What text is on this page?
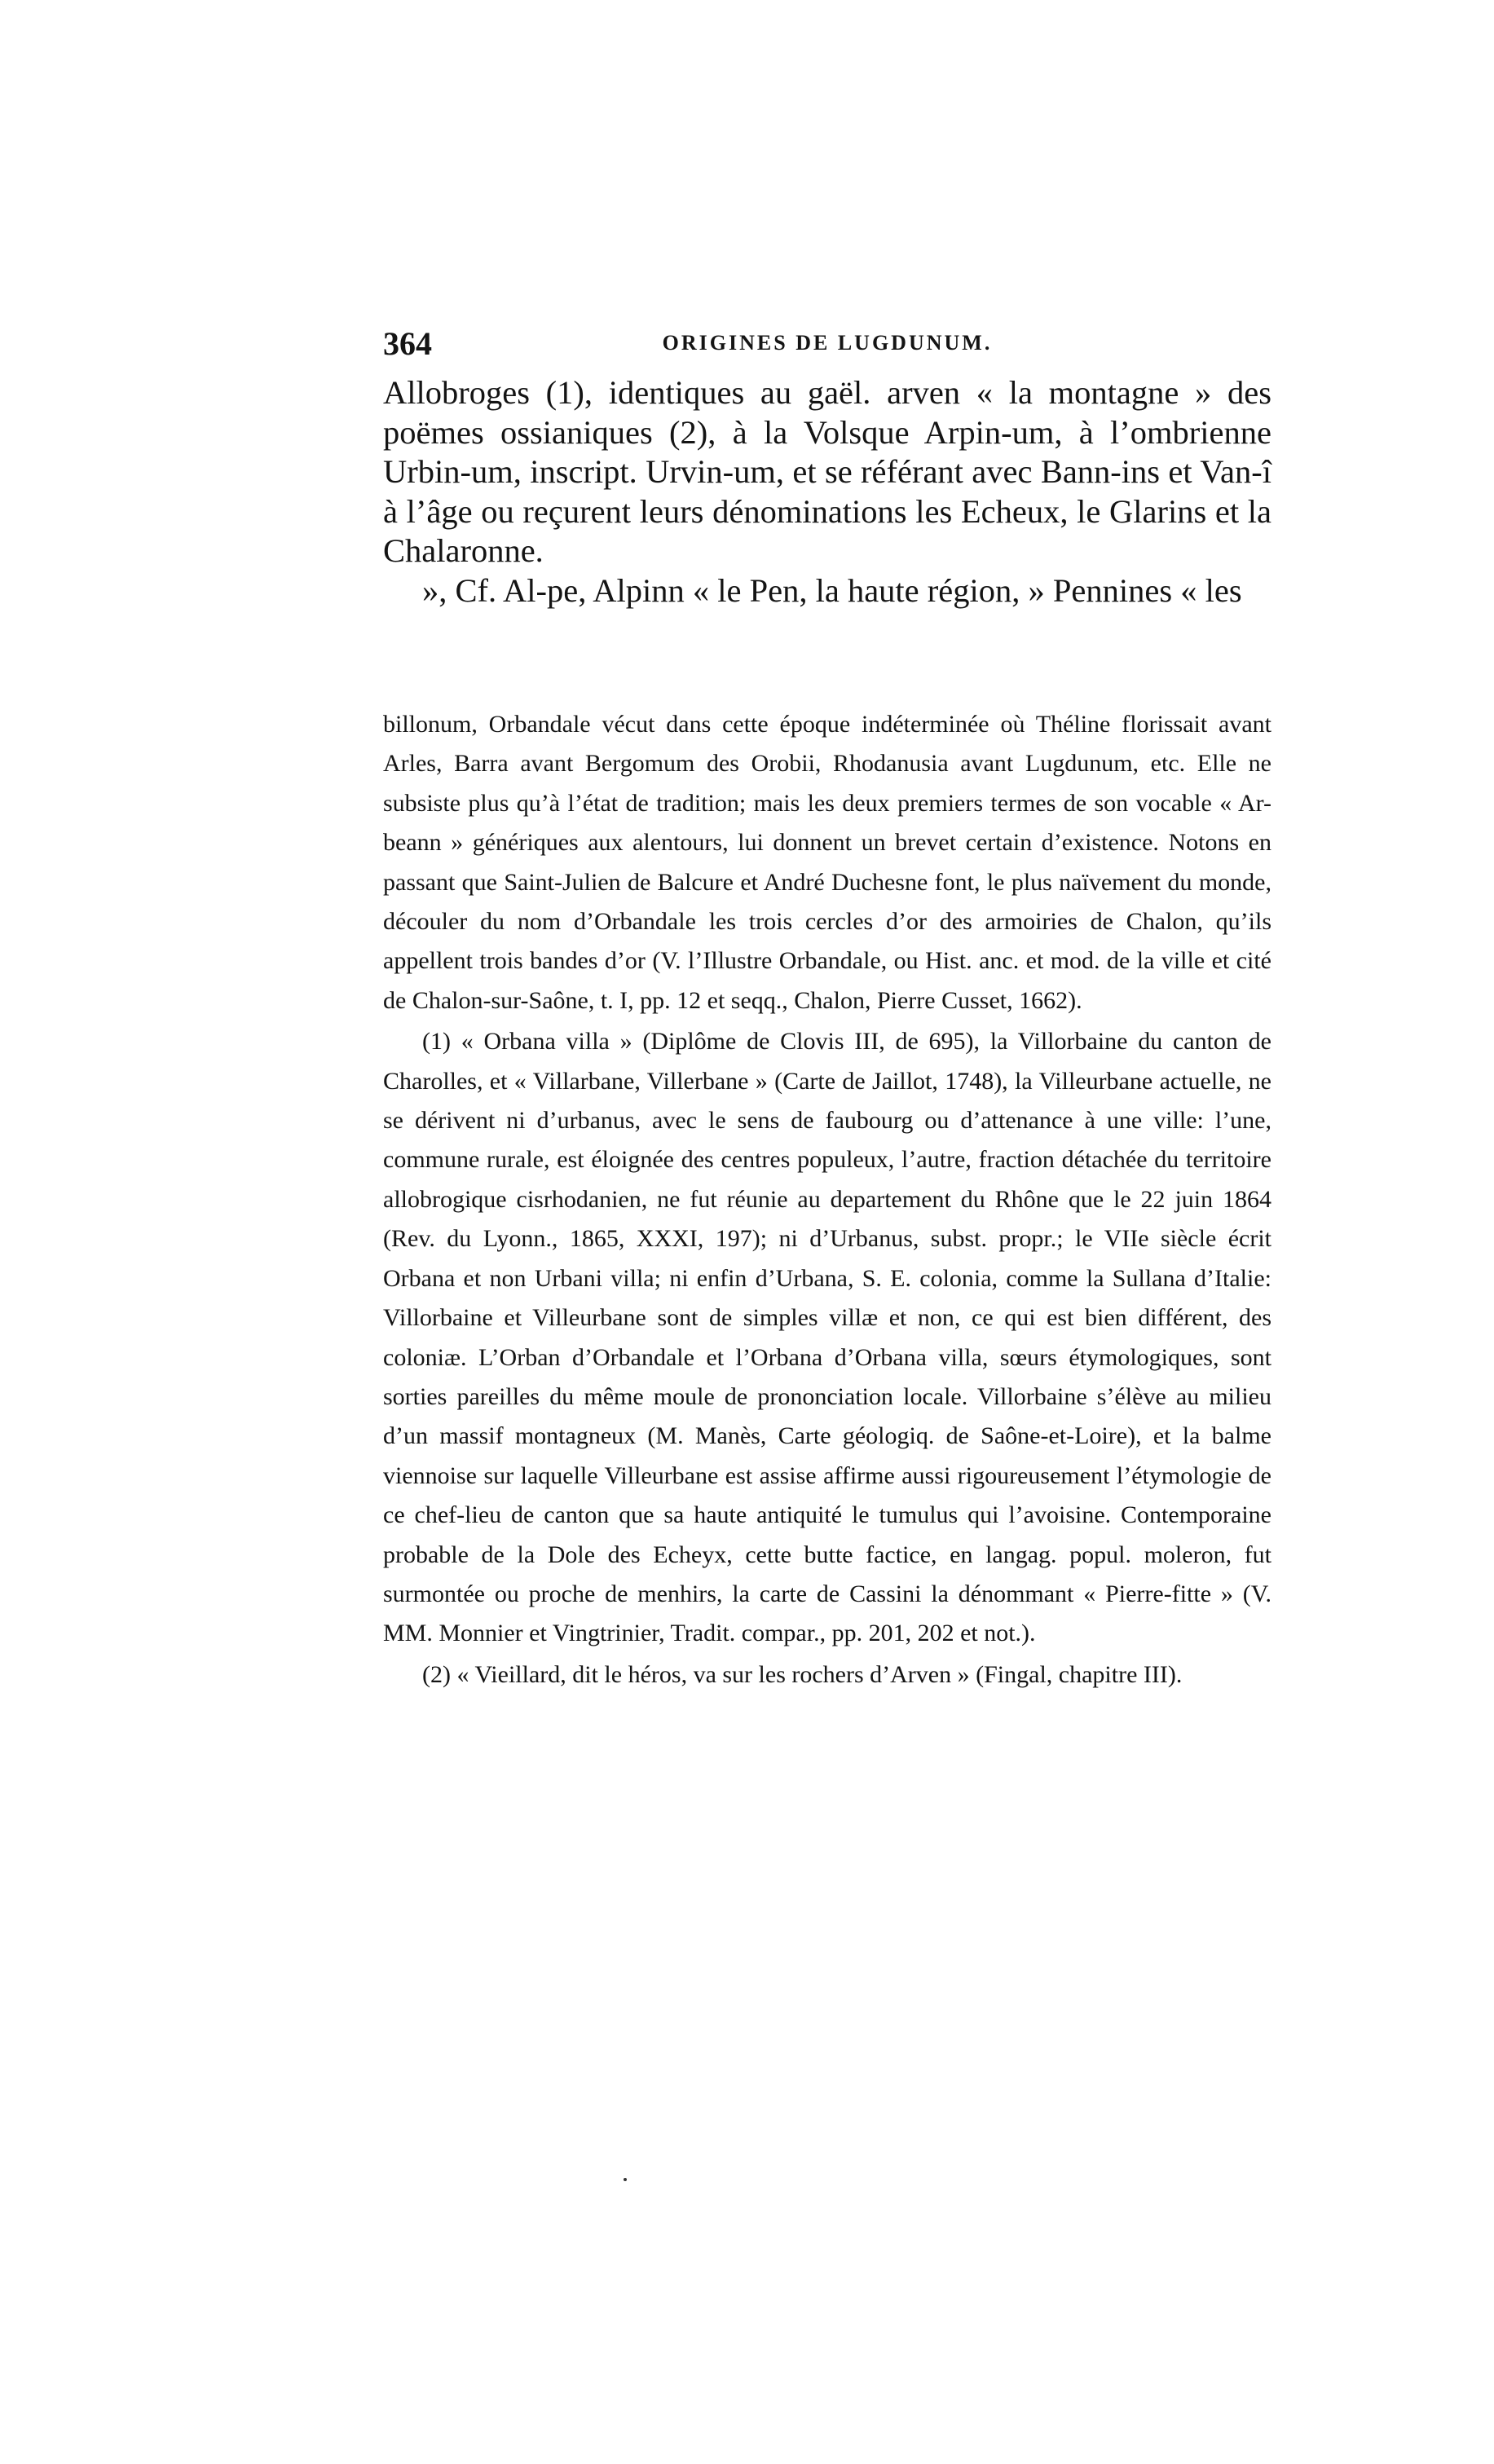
364	ORIGINES DE LUGDUNUM.

Allobroges (1), identiques au gaël. arven « la montagne » des poëmes ossianiques (2), à la Volsque Arpin-um, à l’ombrienne Urbin-um, inscript. Urvin-um, et se référant avec Bann-ins et Van-î à l’âge ou reçurent leurs dénominations les Echeux, le Glarins et la Chalaronne.

», Cf. Al-pe, Alpinn « le Pen, la haute région, » Pennines « les

billonum, Orbandale vécut dans cette époque indéterminée où Théline florissait avant Arles, Barra avant Bergomum des Orobii, Rhodanusia avant Lugdunum, etc. Elle ne subsiste plus qu’à l’état de tradition; mais les deux premiers termes de son vocable « Ar-beann » génériques aux alentours, lui donnent un brevet certain d’existence. Notons en passant que Saint-Julien de Balcure et André Duchesne font, le plus naïvement du monde, découler du nom d’Orbandale les trois cercles d’or des armoiries de Chalon, qu’ils appellent trois bandes d’or (V. l’Illustre Orbandale, ou Hist. anc. et mod. de la ville et cité de Chalon-sur-Saône, t. I, pp. 12 et seqq., Chalon, Pierre Cusset, 1662).

(1) « Orbana villa » (Diplôme de Clovis III, de 695), la Villorbaine du canton de Charolles, et « Villarbane, Villerbane » (Carte de Jaillot, 1748), la Villeurbane actuelle, ne se dérivent ni d’urbanus, avec le sens de faubourg ou d’attenance à une ville: l’une, commune rurale, est éloignée des centres populeux, l’autre, fraction détachée du territoire allobrogique cisrhodanien, ne fut réunie au departement du Rhône que le 22 juin 1864 (Rev. du Lyonn., 1865, XXXI, 197); ni d’Urbanus, subst. propr.; le VIIe siècle écrit Orbana et non Urbani villa; ni enfin d’Urbana, S. E. colonia, comme la Sullana d’Italie: Villorbaine et Villeurbane sont de simples villæ et non, ce qui est bien différent, des coloniæ. L’Orban d’Orbandale et l’Orbana d’Orbana villa, sœurs étymologiques, sont sorties pareilles du même moule de prononciation locale. Villorbaine s’élève au milieu d’un massif montagneux (M. Manès, Carte géologiq. de Saône-et-Loire), et la balme viennoise sur laquelle Villeurbane est assise affirme aussi rigoureusement l’étymologie de ce chef-lieu de canton que sa haute antiquité le tumulus qui l’avoisine. Contemporaine probable de la Dole des Echeyx, cette butte factice, en langag. popul. moleron, fut surmontée ou proche de menhirs, la carte de Cassini la dénommant « Pierre-fitte » (V. MM. Monnier et Vingtrinier, Tradit. compar., pp. 201, 202 et not.).

(2) « Vieillard, dit le héros, va sur les rochers d’Arven » (Fingal, chapitre III).
